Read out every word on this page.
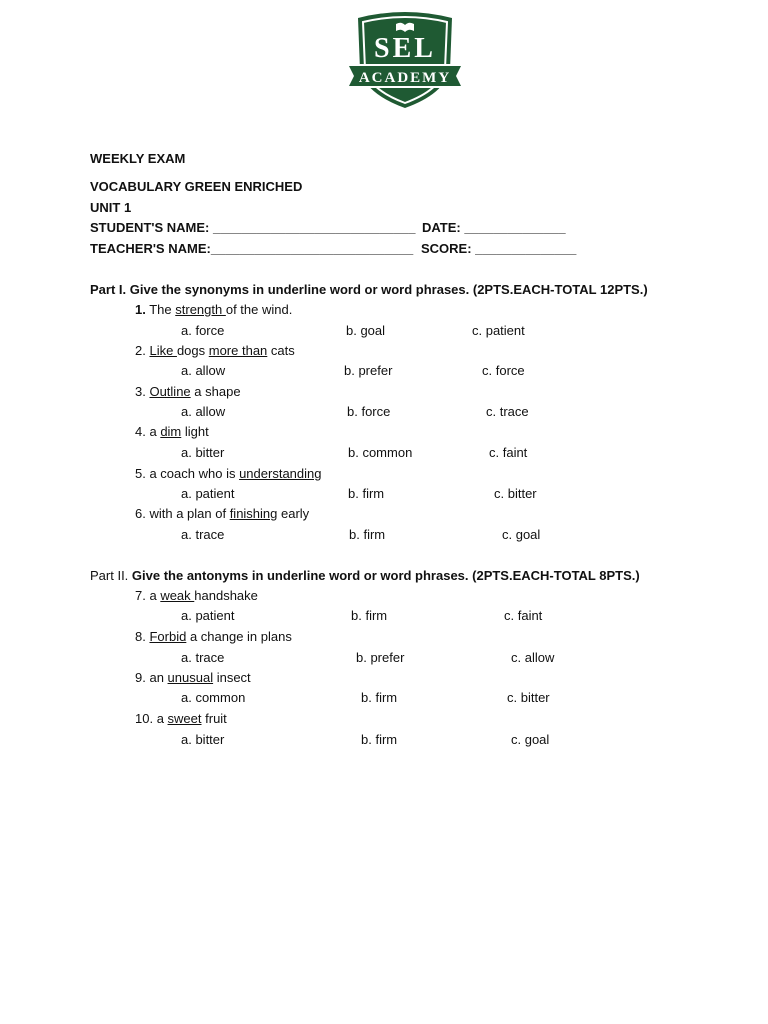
SEL
ACADEMY
WEEKLY EXAM
VOCABULARY GREEN ENRICHED
UNIT 1
STUDENT'S NAME: ____________________________ DATE: ______________
TEACHER'S NAME:____________________________ SCORE: ______________
Part I. Give the synonyms in underline word or word phrases. (2PTS.EACH-TOTAL 12PTS.)
1. The strength of the wind.
a. force	b. goal	c. patient
2. Like dogs more than cats
a. allow	b. prefer	c. force
3. Outline a shape
a. allow	b. force	c. trace
4. a dim light
a. bitter	b. common	c. faint
5. a coach who is understanding
a. patient	b. firm	c. bitter
6. with a plan of finishing early
a. trace	b. firm	c. goal
Part II. Give the antonyms in underline word or word phrases. (2PTS.EACH-TOTAL 8PTS.)
7. a weak handshake
a. patient	b. firm	c. faint
8. Forbid a change in plans
a. trace	b. prefer	c. allow
9. an unusual insect
a. common	b. firm	c. bitter
10. a sweet fruit
a. bitter	b. firm	c. goal
